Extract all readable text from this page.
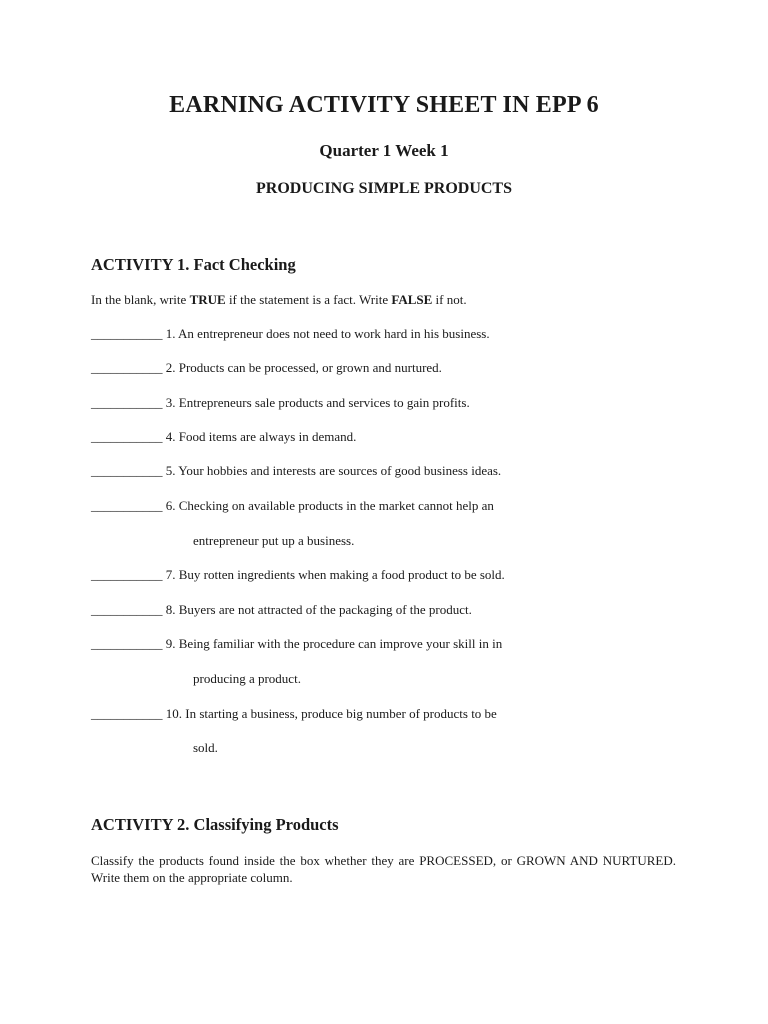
EARNING ACTIVITY SHEET IN EPP 6
Quarter 1 Week 1
PRODUCING SIMPLE PRODUCTS
ACTIVITY 1. Fact Checking
In the blank, write TRUE if the statement is a fact. Write FALSE if not.
___________ 1. An entrepreneur does not need to work hard in his business.
___________ 2. Products can be processed, or grown and nurtured.
___________ 3. Entrepreneurs sale products and services to gain profits.
___________ 4. Food items are always in demand.
___________ 5. Your hobbies and interests are sources of good business ideas.
___________ 6. Checking on available products in the market cannot help an
entrepreneur put up a business.
___________ 7. Buy rotten ingredients when making a food product to be sold.
___________ 8. Buyers are not attracted of the packaging of the product.
___________ 9. Being familiar with the procedure can improve your skill in in
producing a product.
___________ 10. In starting a business, produce big number of products to be
sold.
ACTIVITY 2. Classifying Products
Classify the products found inside the box whether they are PROCESSED, or GROWN AND NURTURED. Write them on the appropriate column.
